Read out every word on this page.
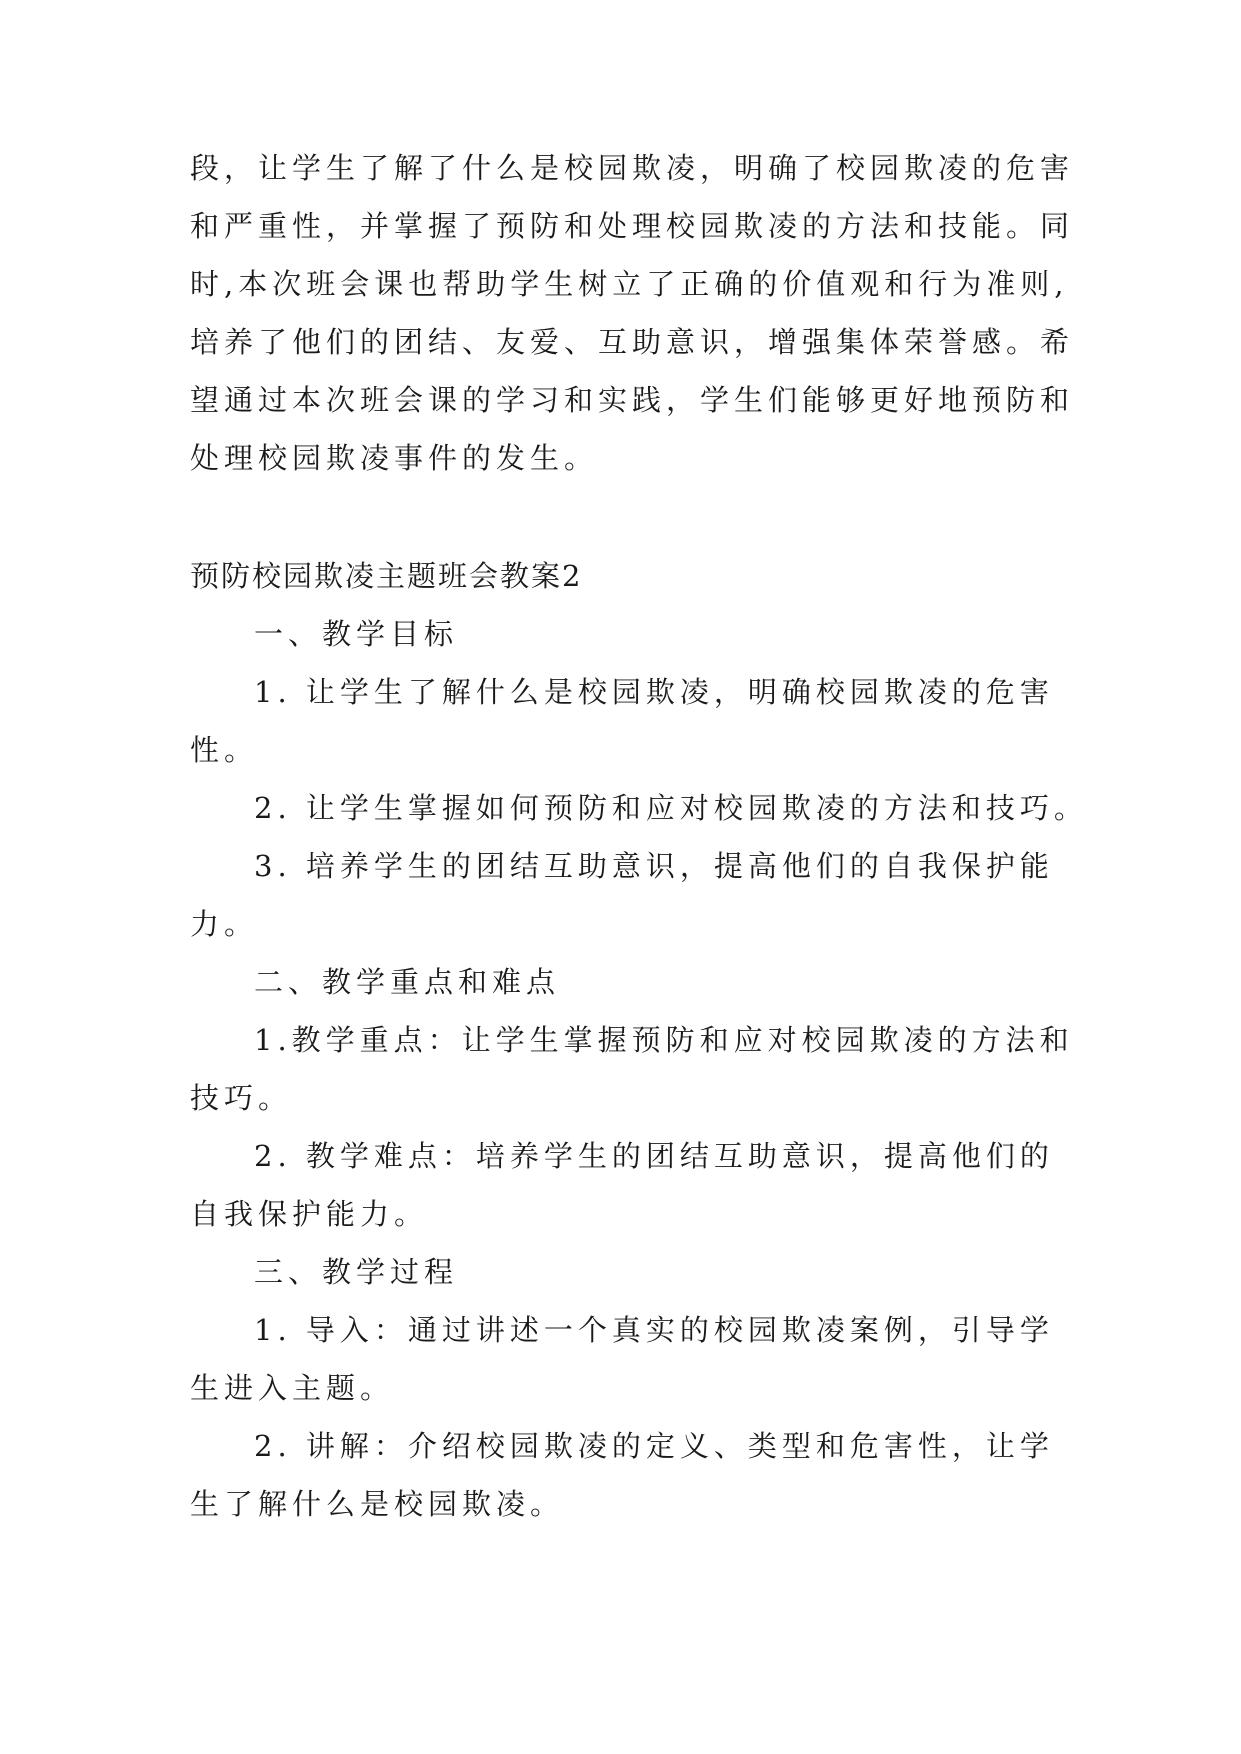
段，让学生了解了什么是校园欺凌，明确了校园欺凌的危害
和严重性，并掌握了预防和处理校园欺凌的方法和技能。同
时,本次班会课也帮助学生树立了正确的价值观和行为准则,
培养了他们的团结、友爱、互助意识，增强集体荣誉感。希
望通过本次班会课的学习和实践，学生们能够更好地预防和
处理校园欺凌事件的发生。
预防校园欺凌主题班会教案2
一、教学目标
1. 让学生了解什么是校园欺凌，明确校园欺凌的危害
性。
2. 让学生掌握如何预防和应对校园欺凌的方法和技巧。
3. 培养学生的团结互助意识，提高他们的自我保护能
力。
二、教学重点和难点
1.教学重点：让学生掌握预防和应对校园欺凌的方法和
技巧。
2. 教学难点：培养学生的团结互助意识，提高他们的
自我保护能力。
三、教学过程
1. 导入：通过讲述一个真实的校园欺凌案例，引导学
生进入主题。
2. 讲解：介绍校园欺凌的定义、类型和危害性，让学
生了解什么是校园欺凌。
